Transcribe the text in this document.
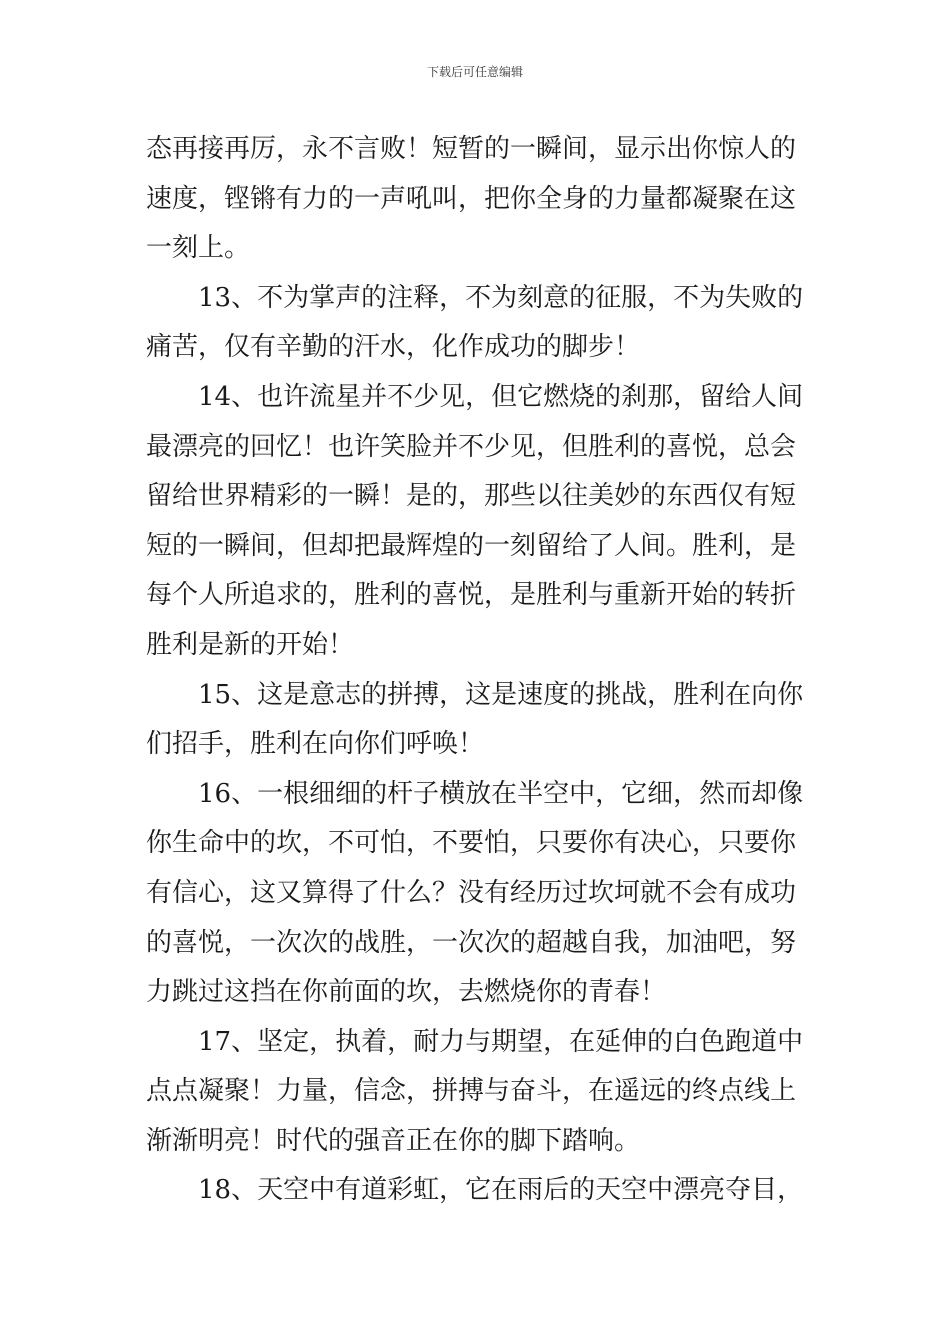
下载后可任意编辑
态再接再厉，永不言败！短暂的一瞬间，显示出你惊人的
速度，铿锵有力的一声吼叫，把你全身的力量都凝聚在这
一刻上。
13、不为掌声的注释，不为刻意的征服，不为失败的
痛苦，仅有辛勤的汗水，化作成功的脚步！
14、也许流星并不少见，但它燃烧的刹那，留给人间
最漂亮的回忆！也许笑脸并不少见，但胜利的喜悦，总会
留给世界精彩的一瞬！是的，那些以往美妙的东西仅有短
短的一瞬间，但却把最辉煌的一刻留给了人间。胜利，是
每个人所追求的，胜利的喜悦，是胜利与重新开始的转折
胜利是新的开始！
15、这是意志的拼搏，这是速度的挑战，胜利在向你
们招手，胜利在向你们呼唤！
16、一根细细的杆子横放在半空中，它细，然而却像
你生命中的坎，不可怕，不要怕，只要你有决心，只要你
有信心，这又算得了什么？没有经历过坎坷就不会有成功
的喜悦，一次次的战胜，一次次的超越自我，加油吧，努
力跳过这挡在你前面的坎，去燃烧你的青春！
17、坚定，执着，耐力与期望，在延伸的白色跑道中
点点凝聚！力量，信念，拼搏与奋斗，在遥远的终点线上
渐渐明亮！时代的强音正在你的脚下踏响。
18、天空中有道彩虹，它在雨后的天空中漂亮夺目，
